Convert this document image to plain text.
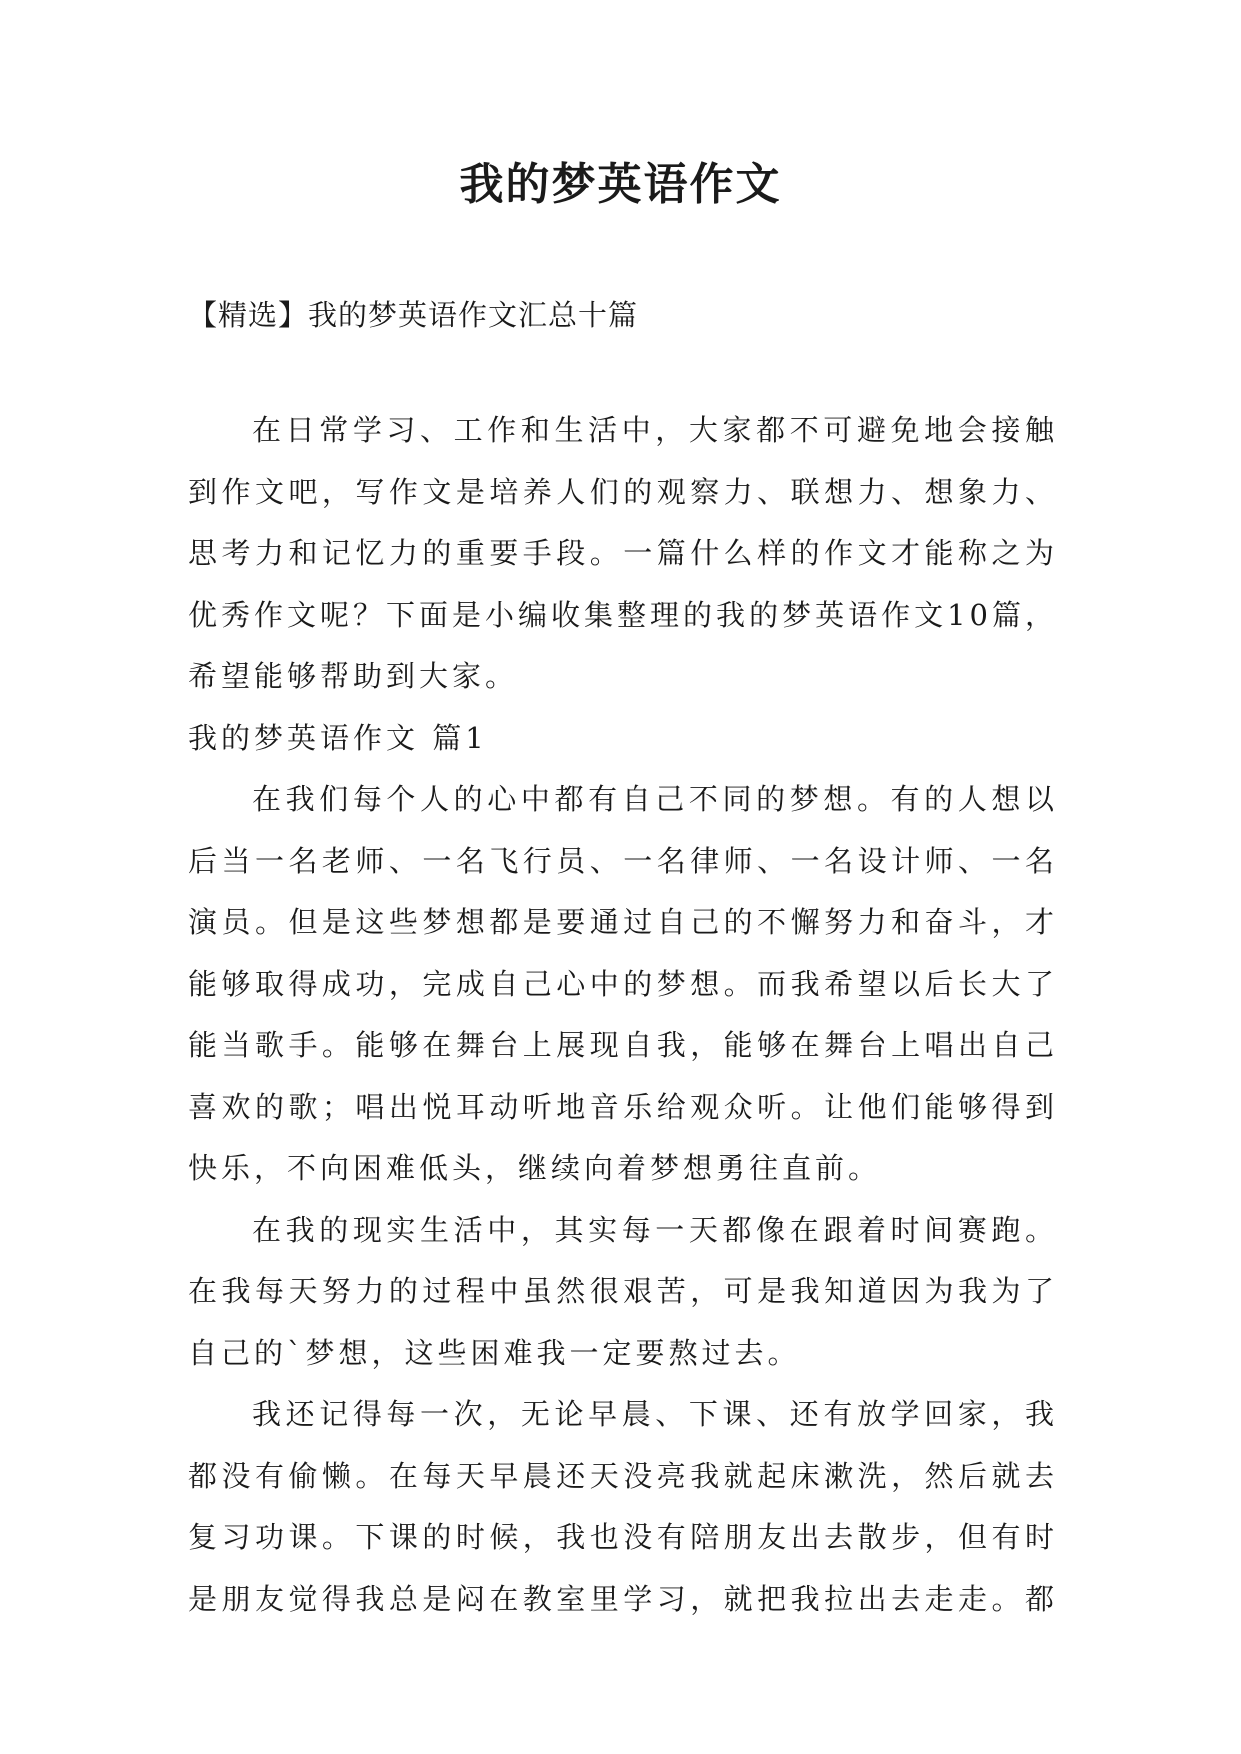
我的梦英语作文
【精选】我的梦英语作文汇总十篇
在日常学习、工作和生活中，大家都不可避免地会接触
到作文吧，写作文是培养人们的观察力、联想力、想象力、
思考力和记忆力的重要手段。一篇什么样的作文才能称之为
优秀作文呢？下面是小编收集整理的我的梦英语作文10篇，
希望能够帮助到大家。
我的梦英语作文 篇1
在我们每个人的心中都有自己不同的梦想。有的人想以
后当一名老师、一名飞行员、一名律师、一名设计师、一名
演员。但是这些梦想都是要通过自己的不懈努力和奋斗，才
能够取得成功，完成自己心中的梦想。而我希望以后长大了
能当歌手。能够在舞台上展现自我，能够在舞台上唱出自己
喜欢的歌；唱出悦耳动听地音乐给观众听。让他们能够得到
快乐，不向困难低头，继续向着梦想勇往直前。
在我的现实生活中，其实每一天都像在跟着时间赛跑。
在我每天努力的过程中虽然很艰苦，可是我知道因为我为了
自己的`梦想，这些困难我一定要熬过去。
我还记得每一次，无论早晨、下课、还有放学回家，我
都没有偷懒。在每天早晨还天没亮我就起床漱洗，然后就去
复习功课。下课的时候，我也没有陪朋友出去散步，但有时
是朋友觉得我总是闷在教室里学习，就把我拉出去走走。都
